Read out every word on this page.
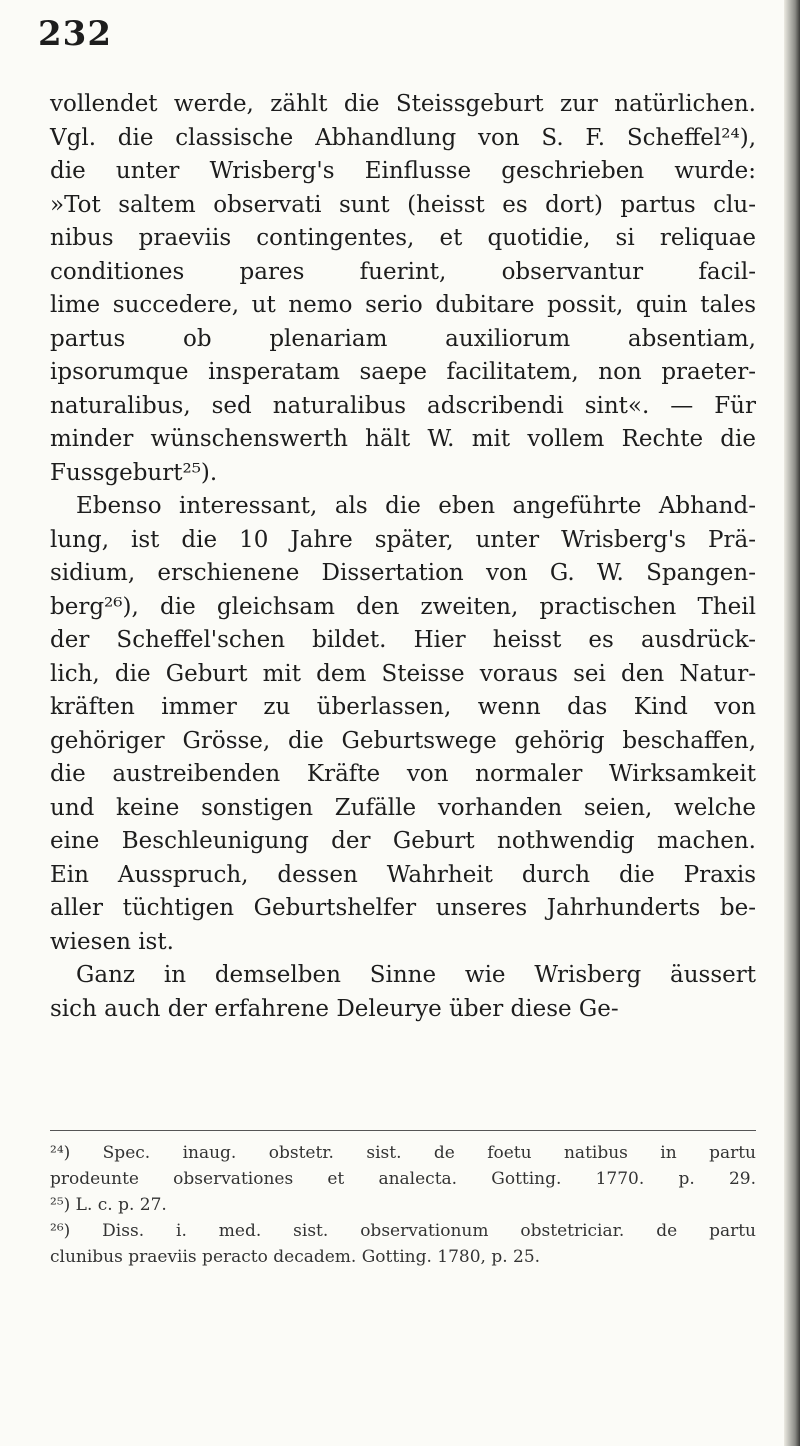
232
vollendet werde, zählt die Steissgeburt zur natürlichen.
Vgl. die classische Abhandlung von S. F. Scheffel²⁴),
die unter Wrisberg's Einflusse geschrieben wurde:
»Tot saltem observati sunt (heisst es dort) partus clu-
nibus praeviis contingentes, et quotidie, si reliquae
conditiones pares fuerint, observantur facil-
lime succedere, ut nemo serio dubitare possit, quin tales
partus ob plenariam auxiliorum absentiam,
ipsorumque insperatam saepe facilitatem, non praeter-
naturalibus, sed naturalibus adscribendi sint«. — Für
minder wünschenswerth hält W. mit vollem Rechte die
Fussgeburt²⁵).
Ebenso interessant, als die eben angeführte Abhand-
lung, ist die 10 Jahre später, unter Wrisberg's Prä-
sidium, erschienene Dissertation von G. W. Spangen-
berg²⁶), die gleichsam den zweiten, practischen Theil
der Scheffel'schen bildet. Hier heisst es ausdrück-
lich, die Geburt mit dem Steisse voraus sei den Natur-
kräften immer zu überlassen, wenn das Kind von
gehöriger Grösse, die Geburtswege gehörig beschaffen,
die austreibenden Kräfte von normaler Wirksamkeit
und keine sonstigen Zufälle vorhanden seien, welche
eine Beschleunigung der Geburt nothwendig machen.
Ein Ausspruch, dessen Wahrheit durch die Praxis
aller tüchtigen Geburtshelfer unseres Jahrhunderts be-
wiesen ist.
Ganz in demselben Sinne wie Wrisberg äussert
sich auch der erfahrene Deleurye über diese Ge-
²⁴) Spec. inaug. obstetr. sist. de foetu natibus in partu
prodeunte observationes et analecta. Gotting. 1770. p. 29.
²⁵) L. c. p. 27.
²⁶) Diss. i. med. sist. observationum obstetriciar. de partu
clunibus praeviis peracto decadem. Gotting. 1780, p. 25.
